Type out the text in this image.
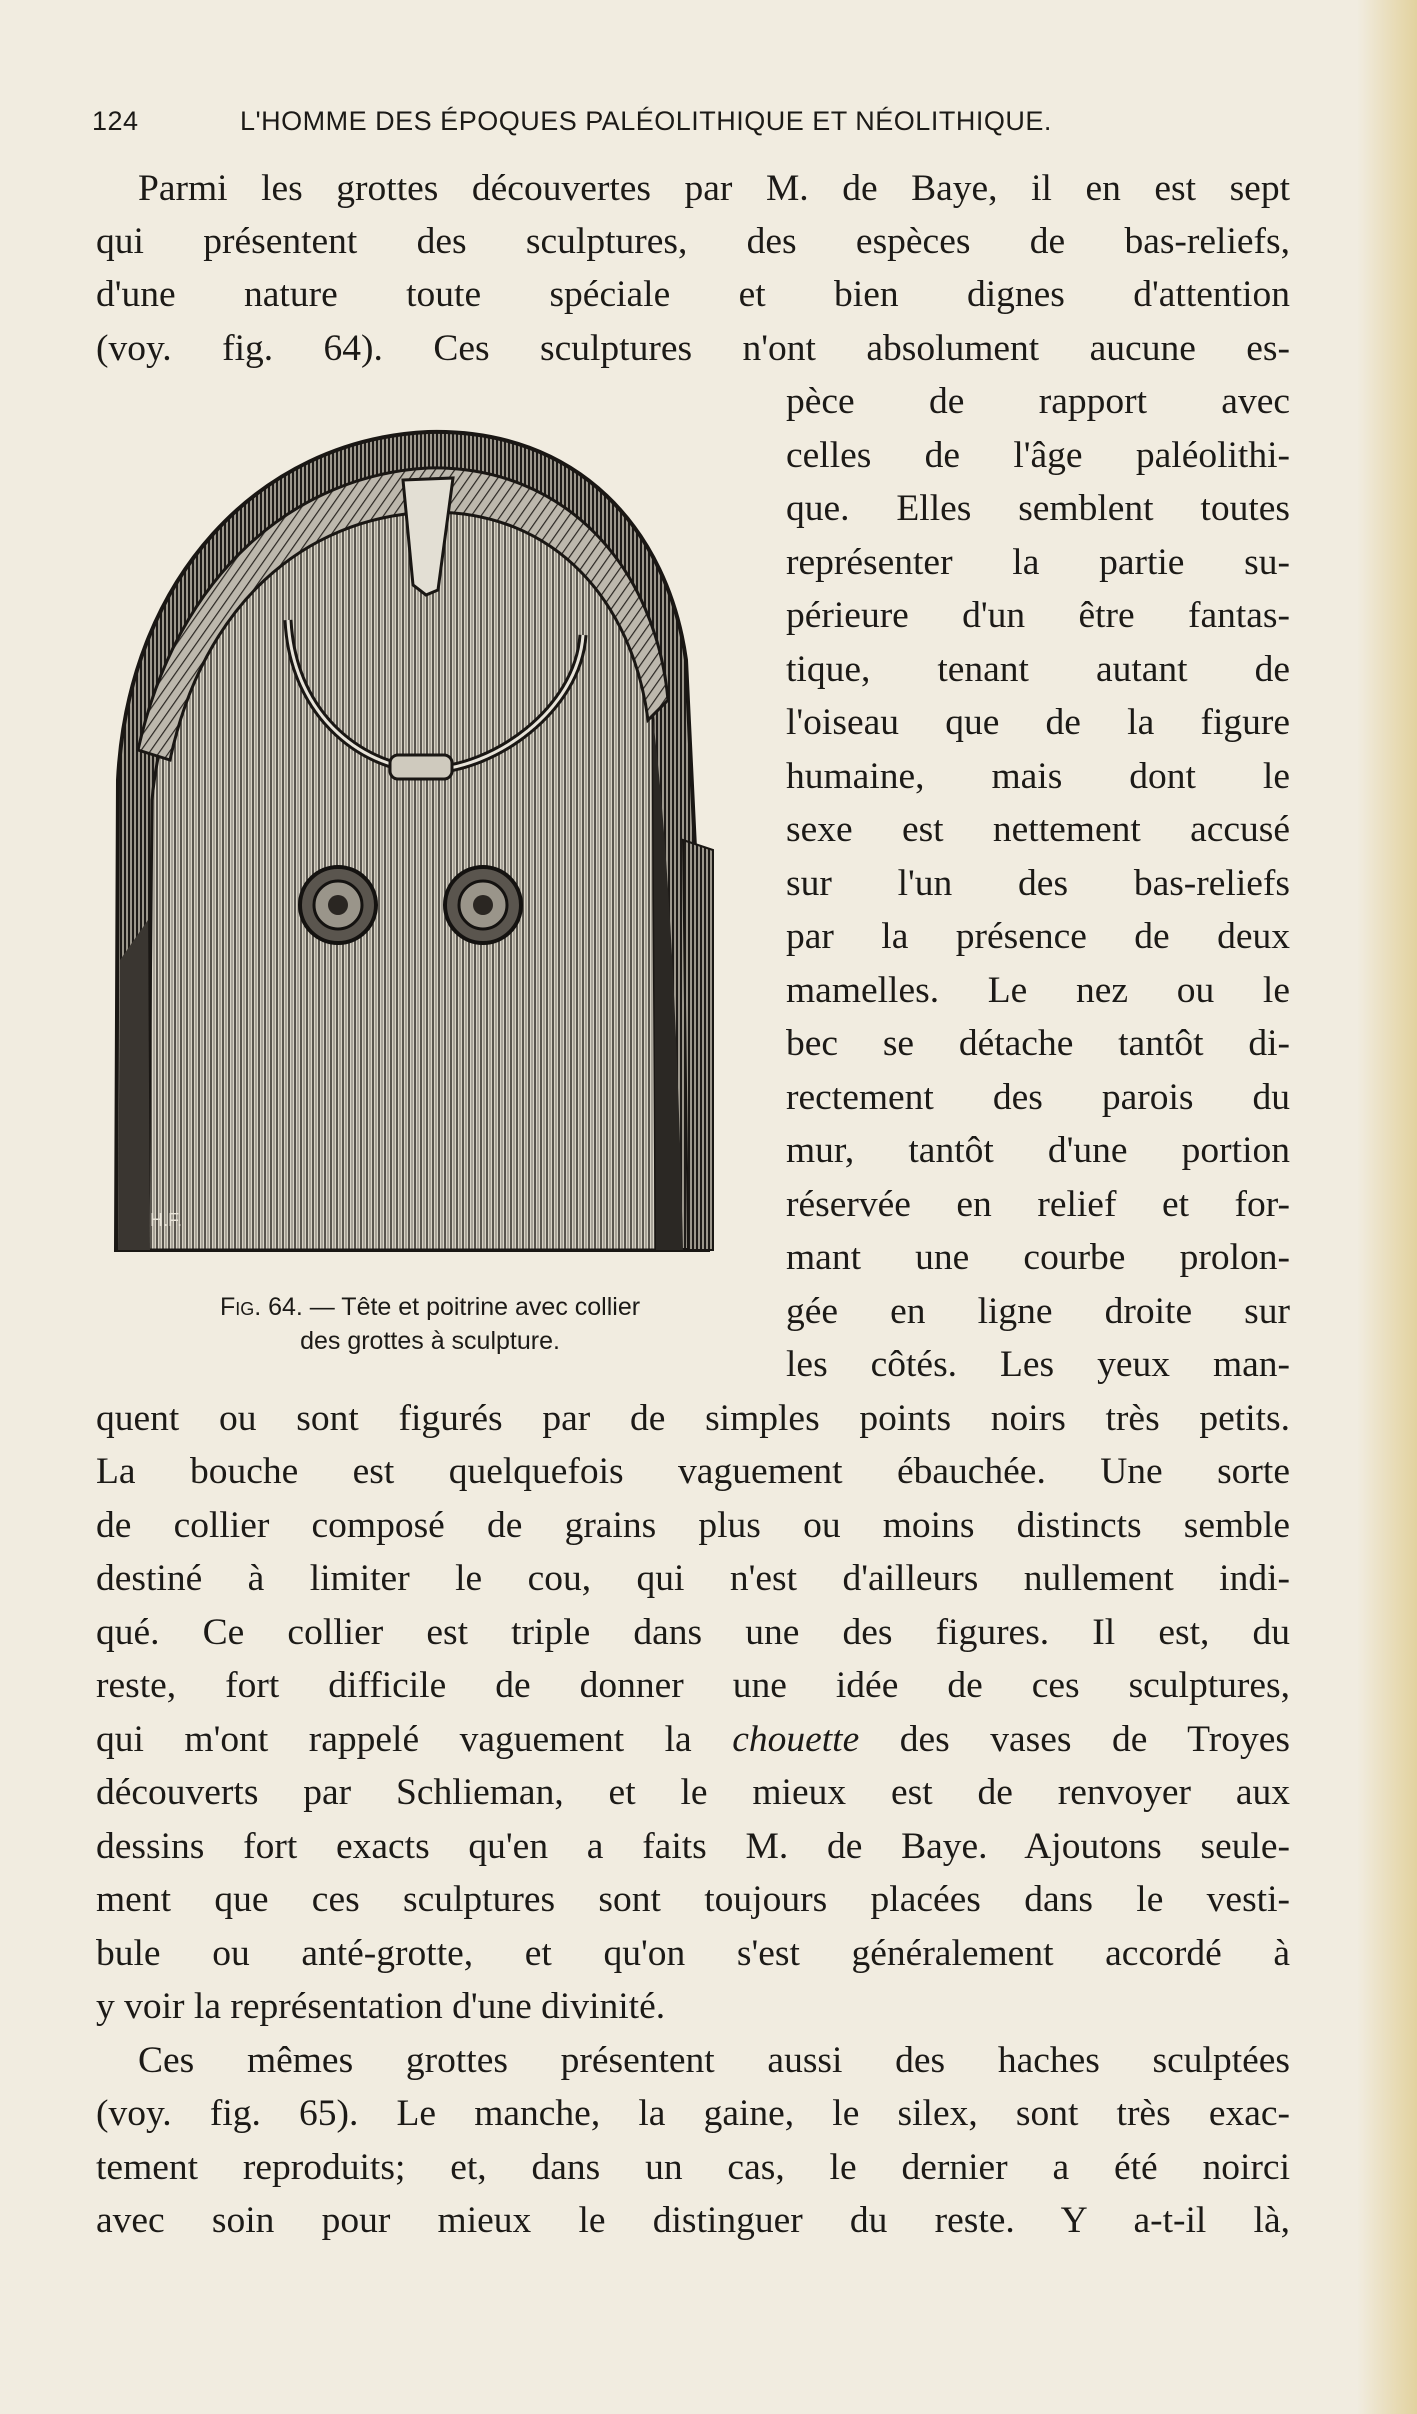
124	L'HOMME DES ÉPOQUES PALÉOLITHIQUE ET NÉOLITHIQUE.
Parmi les grottes découvertes par M. de Baye, il en est sept
qui présentent des sculptures, des espèces de bas-reliefs,
d'une nature toute spéciale et bien dignes d'attention
(voy. fig. 64). Ces sculptures n'ont absolument aucune es-
pèce de rapport avec
celles de l'âge paléolithi-
que. Elles semblent toutes
représenter la partie su-
périeure d'un être fantas-
tique, tenant autant de
l'oiseau que de la figure
humaine, mais dont le
sexe est nettement accusé
sur l'un des bas-reliefs
par la présence de deux
mamelles. Le nez ou le
bec se détache tantôt di-
rectement des parois du
mur, tantôt d'une portion
réservée en relief et for-
mant une courbe prolon-
gée en ligne droite sur
les côtés. Les yeux man-
quent ou sont figurés par de simples points noirs très petits.
La bouche est quelquefois vaguement ébauchée. Une sorte
de collier composé de grains plus ou moins distincts semble
destiné à limiter le cou, qui n'est d'ailleurs nullement indi-
qué. Ce collier est triple dans une des figures. Il est, du
reste, fort difficile de donner une idée de ces sculptures,
qui m'ont rappelé vaguement la chouette des vases de Troyes
découverts par Schlieman, et le mieux est de renvoyer aux
dessins fort exacts qu'en a faits M. de Baye. Ajoutons seule-
ment que ces sculptures sont toujours placées dans le vesti-
bule ou anté-grotte, et qu'on s'est généralement accordé à
y voir la représentation d'une divinité.
Ces mêmes grottes présentent aussi des haches sculptées
(voy. fig. 65). Le manche, la gaine, le silex, sont très exac-
tement reproduits; et, dans un cas, le dernier a été noirci
avec soin pour mieux le distinguer du reste. Y a-t-il là,
H.F.
Fig. 64. — Tête et poitrine avec collier
des grottes à sculpture.
